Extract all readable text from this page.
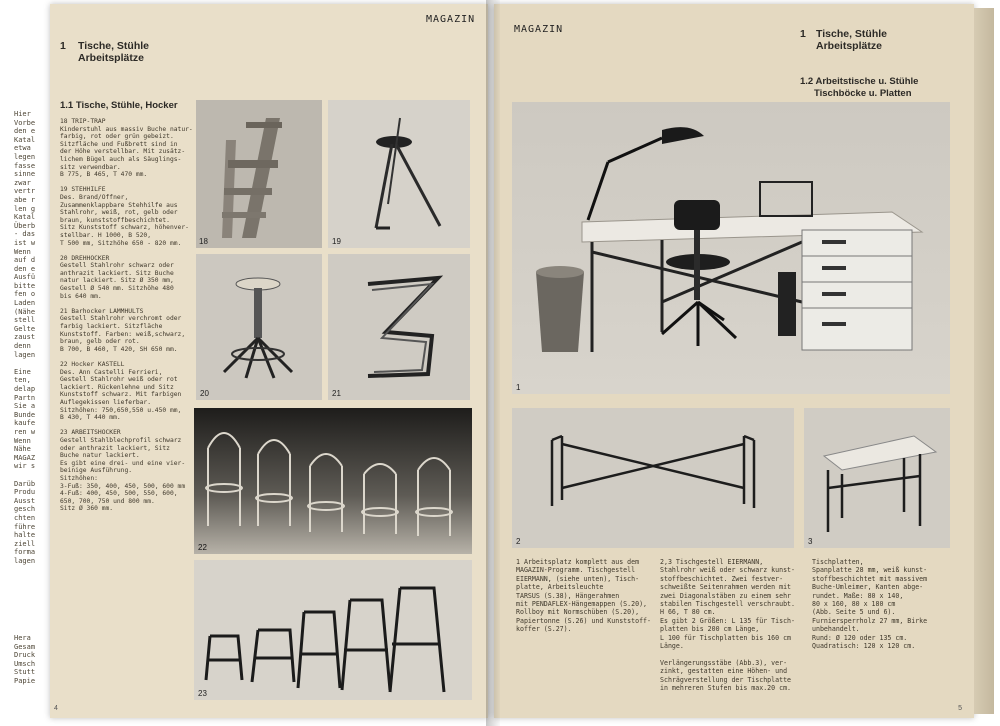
Hier
Vorbe
den e
Katal
etwa
legen
fasse
sinne
zwar
vertr
abe r
len g
Katal
Überb
- das
ist w
Wenn
auf d
den e
Ausfü
bitte
fen o
Laden
(Nähe
stell
Gelte
zaust
denn
lagen

Eine
ten,
delap
Partn
Sie a
Bunde
kaufe
ren w
Wenn
Nähe
MAGAZ
wir s

Darüb
Produ
Ausst
gesch
chten
führe
halte
ziell
forma
lagen
Hera
Gesam
Druck
Umsch
Stutt
Papie
1 Tische, Stühle
Arbeitsplätze
MAGAZIN
1.1 Tische, Stühle, Hocker
18 TRIP-TRAP
Kinderstuhl aus massiv Buche natur-
farbig, rot oder grün gebeizt.
Sitzfläche und Fußbrett sind in
der Höhe verstellbar. Mit zusätz-
lichem Bügel auch als Säuglings-
sitz verwendbar.
B 775, B 465, T 470 mm.

19 STEHHILFE
Des. Brand/Offner,
Zusammenklappbare Stehhilfe aus
Stahlrohr, weiß, rot, gelb oder
braun, kunststoffbeschichtet.
Sitz Kunststoff schwarz, höhenver-
stellbar. H 1000, B 520,
T 500 mm, Sitzhöhe 650 - 820 mm.

20 DREHHOCKER
Gestell Stahlrohr schwarz oder
anthrazit lackiert. Sitz Buche
natur lackiert. Sitz Ø 350 mm,
Gestell Ø 540 mm. Sitzhöhe 480
bis 640 mm.

21 Barhocker LAMMHULTS
Gestell Stahlrohr verchromt oder
farbig lackiert. Sitzfläche
Kunststoff. Farben: weiß,schwarz,
braun, gelb oder rot.
B 700, B 460, T 420, SH 650 mm.

22 Hocker KASTELL
Des. Ann Castelli Ferrieri,
Gestell Stahlrohr weiß oder rot
lackiert. Rückenlehne und Sitz
Kunststoff schwarz. Mit farbigen
Auflegekissen lieferbar.
Sitzhöhen: 750,650,550 u.450 mm,
B 430, T 440 mm.

23 ARBEITSHOCKER
Gestell Stahlblechprofil schwarz
oder anthrazit lackiert, Sitz
Buche natur lackiert.
Es gibt eine drei- und eine vier-
beinige Ausführung.
Sitzhöhen:
3-Fuß: 350, 400, 450, 500, 600 mm
4-Fuß: 400, 450, 500, 550, 600,
650, 700, 750 und 800 mm.
Sitz Ø 360 mm.
18	19
20	21
22
23
4
MAGAZIN	1 Tische, Stühle
Arbeitsplätze
1.2 Arbeitstische u. Stühle
Tischböcke u. Platten
1
2	3
1 Arbeitsplatz komplett aus dem
MAGAZIN-Programm. Tischgestell
EIERMANN, (siehe unten), Tisch-
platte, Arbeitsleuchte
TARSUS (S.38), Hängerahmen
mit PENDAFLEX-Hängemappen (S.20),
Rollboy mit Normschüben (S.20),
Papiertonne (S.26) und Kunststoff-
koffer (S.27).
2,3 Tischgestell EIERMANN,
Stahlrohr weiß oder schwarz kunst-
stoffbeschichtet. Zwei festver-
schweißte Seitenrahmen werden mit
zwei Diagonalstäben zu einem sehr
stabilen Tischgestell verschraubt.
H 66, T 80 cm.
Es gibt 2 Größen: L 135 für Tisch-
platten bis 200 cm Länge,
L 100 für Tischplatten bis 160 cm
Länge.

Verlängerungsstäbe (Abb.3), ver-
zinkt, gestatten eine Höhen- und
Schrägverstellung der Tischplatte
in mehreren Stufen bis max.20 cm.
Tischplatten,
Spanplatte 28 mm, weiß kunst-
stoffbeschichtet mit massivem
Buche-Umleimer, Kanten abge-
rundet. Maße: 80 x 140,
80 x 160, 80 x 180 cm
(Abb. Seite 5 und 6).
Furniersperrholz 27 mm, Birke
unbehandelt.
Rund: Ø 120 oder 135 cm.
Quadratisch: 120 x 120 cm.
5
